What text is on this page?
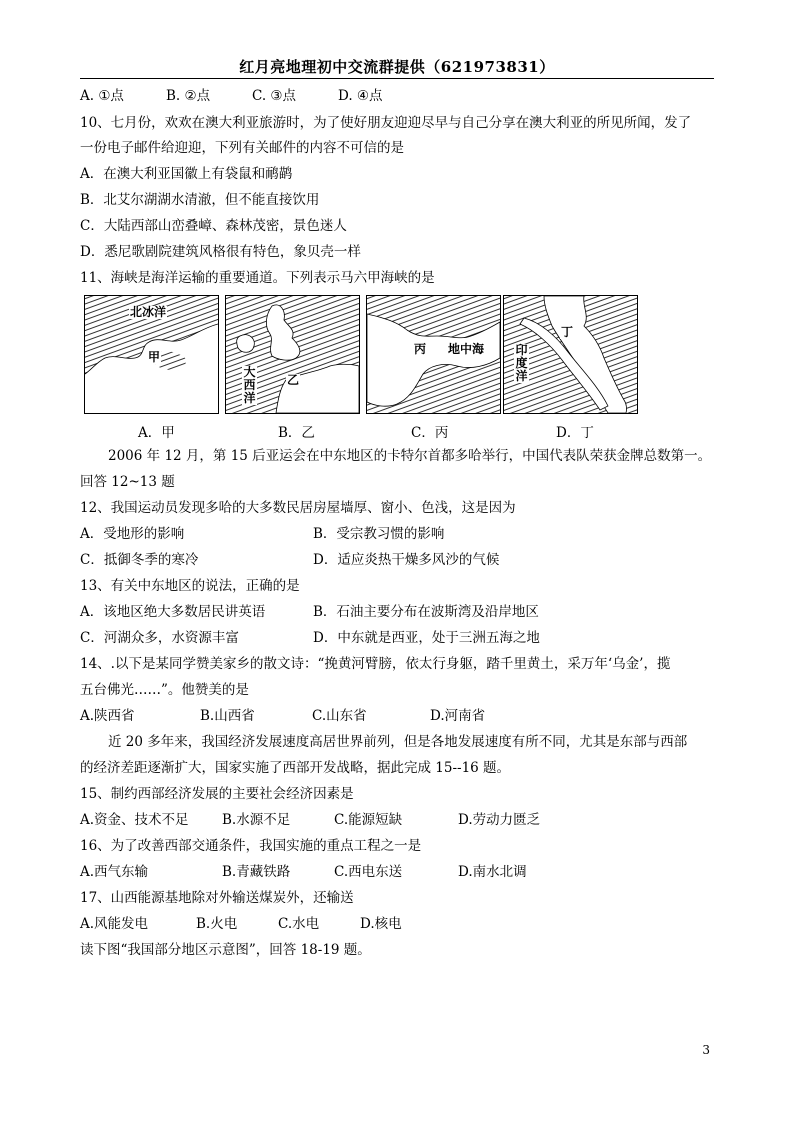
红月亮地理初中交流群提供（621973831）
A. ①点	B. ②点	C. ③点	D. ④点
10、七月份，欢欢在澳大利亚旅游时，为了使好朋友迎迎尽早与自己分享在澳大利亚的所见所闻，发了
一份电子邮件给迎迎，下列有关邮件的内容不可信的是
A．在澳大利亚国徽上有袋鼠和鸸鹋
B．北艾尔湖湖水清澈，但不能直接饮用
C．大陆西部山峦叠嶂、森林茂密，景色迷人
D．悉尼歌剧院建筑风格很有特色，象贝壳一样
11、海峡是海洋运输的重要通道。下列表示马六甲海峡的是
北冰洋
甲
大西洋
乙
丙 地中海
丁
印度洋
A．甲	B．乙	C．丙	D．丁
2006 年 12 月，第 15 后亚运会在中东地区的卡特尔首都多哈举行，中国代表队荣获金牌总数第一。
回答 12~13 题
12、我国运动员发现多哈的大多数民居房屋墙厚、窗小、色浅，这是因为
A．受地形的影响	B．受宗教习惯的影响
C．抵御冬季的寒冷	D．适应炎热干燥多风沙的气候
13、有关中东地区的说法，正确的是
A．该地区绝大多数居民讲英语	B．石油主要分布在波斯湾及沿岸地区
C．河湖众多，水资源丰富	D．中东就是西亚，处于三洲五海之地
14、.以下是某同学赞美家乡的散文诗：“挽黄河臂膀，依太行身躯，踏千里黄土，采万年‘乌金’，揽
五台佛光……”。他赞美的是
A.陕西省	B.山西省	C.山东省	D.河南省
近 20 多年来，我国经济发展速度高居世界前列，但是各地发展速度有所不同，尤其是东部与西部
的经济差距逐渐扩大，国家实施了西部开发战略，据此完成 15--16 题。
15、制约西部经济发展的主要社会经济因素是
A.资金、技术不足 B.水源不足	C.能源短缺	D.劳动力匮乏
16、为了改善西部交通条件，我国实施的重点工程之一是
A.西气东输	B.青藏铁路	C.西电东送	D.南水北调
17、山西能源基地除对外输送煤炭外，还输送
A.风能发电	B.火电	C.水电	D.核电
读下图“我国部分地区示意图”，回答 18-19 题。
3
